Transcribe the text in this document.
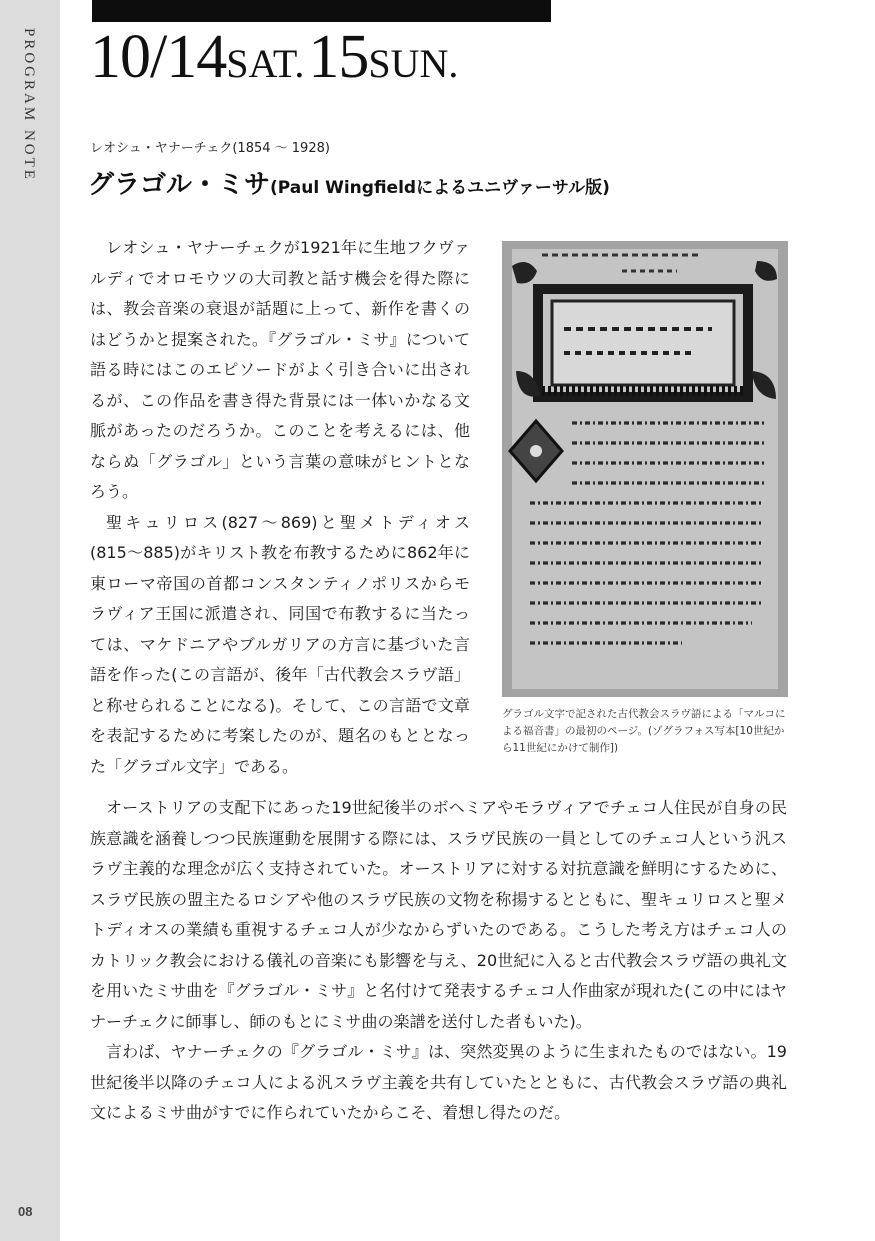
PROGRAM NOTE
08
10/14SAT. 15SUN.
レオシュ・ヤナーチェク(1854 〜 1928)
グラゴル・ミサ(Paul Wingfieldによるユニヴァーサル版)

レオシュ・ヤナーチェクが1921年に生地フクヴァルディでオロモウツの大司教と話す機会を得た際には、教会音楽の衰退が話題に上って、新作を書くのはどうかと提案された。『グラゴル・ミサ』について語る時にはこのエピソードがよく引き合いに出されるが、この作品を書き得た背景には一体いかなる文脈があったのだろうか。このことを考えるには、他ならぬ「グラゴル」という言葉の意味がヒントとなろう。

聖キュリロス(827〜869)と聖メトディオス(815〜885)がキリスト教を布教するために862年に東ローマ帝国の首都コンスタンティノポリスからモラヴィア王国に派遣され、同国で布教するに当たっては、マケドニアやブルガリアの方言に基づいた言語を作った(この言語が、後年「古代教会スラヴ語」と称せられることになる)。そして、この言語で文章を表記するために考案したのが、題名のもととなった「グラゴル文字」である。

グラゴル文字で記された古代教会スラヴ語による「マルコによる福音書」の最初のページ。(ゾグラフォス写本[10世紀から11世紀にかけて制作])

オーストリアの支配下にあった19世紀後半のボヘミアやモラヴィアでチェコ人住民が自身の民族意識を涵養しつつ民族運動を展開する際には、スラヴ民族の一員としてのチェコ人という汎スラヴ主義的な理念が広く支持されていた。オーストリアに対する対抗意識を鮮明にするために、スラヴ民族の盟主たるロシアや他のスラヴ民族の文物を称揚するとともに、聖キュリロスと聖メトディオスの業績も重視するチェコ人が少なからずいたのである。こうした考え方はチェコ人のカトリック教会における儀礼の音楽にも影響を与え、20世紀に入ると古代教会スラヴ語の典礼文を用いたミサ曲を『グラゴル・ミサ』と名付けて発表するチェコ人作曲家が現れた(この中にはヤナーチェクに師事し、師のもとにミサ曲の楽譜を送付した者もいた)。

言わば、ヤナーチェクの『グラゴル・ミサ』は、突然変異のように生まれたものではない。19世紀後半以降のチェコ人による汎スラヴ主義を共有していたとともに、古代教会スラヴ語の典礼文によるミサ曲がすでに作られていたからこそ、着想し得たのだ。
